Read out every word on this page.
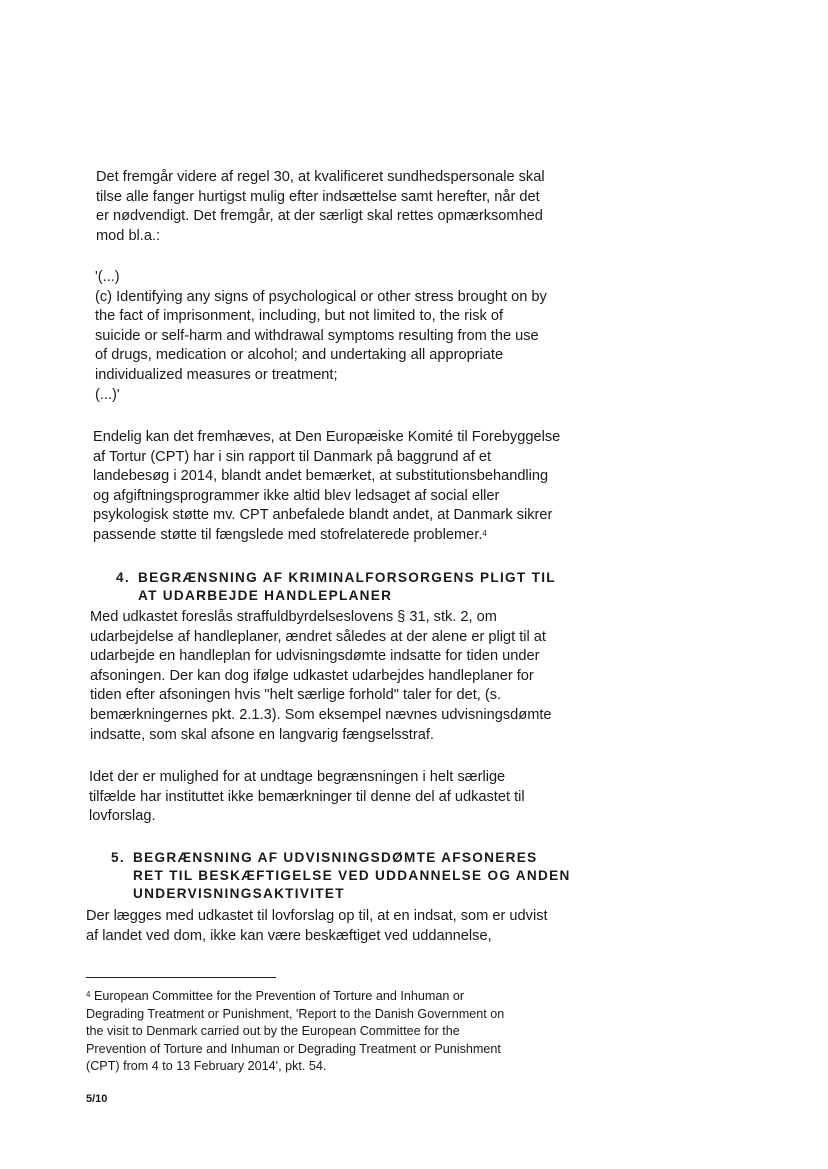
Det fremgår videre af regel 30, at kvalificeret sundhedspersonale skal
tilse alle fanger hurtigst mulig efter indsættelse samt herefter, når det
er nødvendigt. Det fremgår, at der særligt skal rettes opmærksomhed
mod bl.a.:

'(...)
(c) Identifying any signs of psychological or other stress brought on by
the fact of imprisonment, including, but not limited to, the risk of
suicide or self-harm and withdrawal symptoms resulting from the use
of drugs, medication or alcohol; and undertaking all appropriate
individualized measures or treatment;
(...)'

Endelig kan det fremhæves, at Den Europæiske Komité til Forebyggelse
af Tortur (CPT) har i sin rapport til Danmark på baggrund af et
landebesøg i 2014, blandt andet bemærket, at substitutionsbehandling
og afgiftningsprogrammer ikke altid blev ledsaget af social eller
psykologisk støtte mv. CPT anbefalede blandt andet, at Danmark sikrer
passende støtte til fængslede med stofrelaterede problemer.$^4$

4. BEGRÆNSNING AF KRIMINALFORSORGENS PLIGT TIL
AT UDARBEJDE HANDLEPLANER

Med udkastet foreslås straffuldbyrdelseslovens § 31, stk. 2, om
udarbejdelse af handleplaner, ændret således at der alene er pligt til at
udarbejde en handleplan for udvisningsdømte indsatte for tiden under
afsoningen. Der kan dog ifølge udkastet udarbejdes handleplaner for
tiden efter afsoningen hvis "helt særlige forhold" taler for det, (s.
bemærkningernes pkt. 2.1.3). Som eksempel nævnes udvisningsdømte
indsatte, som skal afsone en langvarig fængselsstraf.

Idet der er mulighed for at undtage begrænsningen i helt særlige
tilfælde har instituttet ikke bemærkninger til denne del af udkastet til
lovforslag.

5. BEGRÆNSNING AF UDVISNINGSDØMTE AFSONERES
RET TIL BESKÆFTIGELSE VED UDDANNELSE OG ANDEN
UNDERVISNINGSAKTIVITET

Der lægges med udkastet til lovforslag op til, at en indsat, som er udvist
af landet ved dom, ikke kan være beskæftiget ved uddannelse,

$^4$ European Committee for the Prevention of Torture and Inhuman or
Degrading Treatment or Punishment, 'Report to the Danish Government on
the visit to Denmark carried out by the European Committee for the
Prevention of Torture and Inhuman or Degrading Treatment or Punishment
(CPT) from 4 to 13 February 2014', pkt. 54.

5/10
